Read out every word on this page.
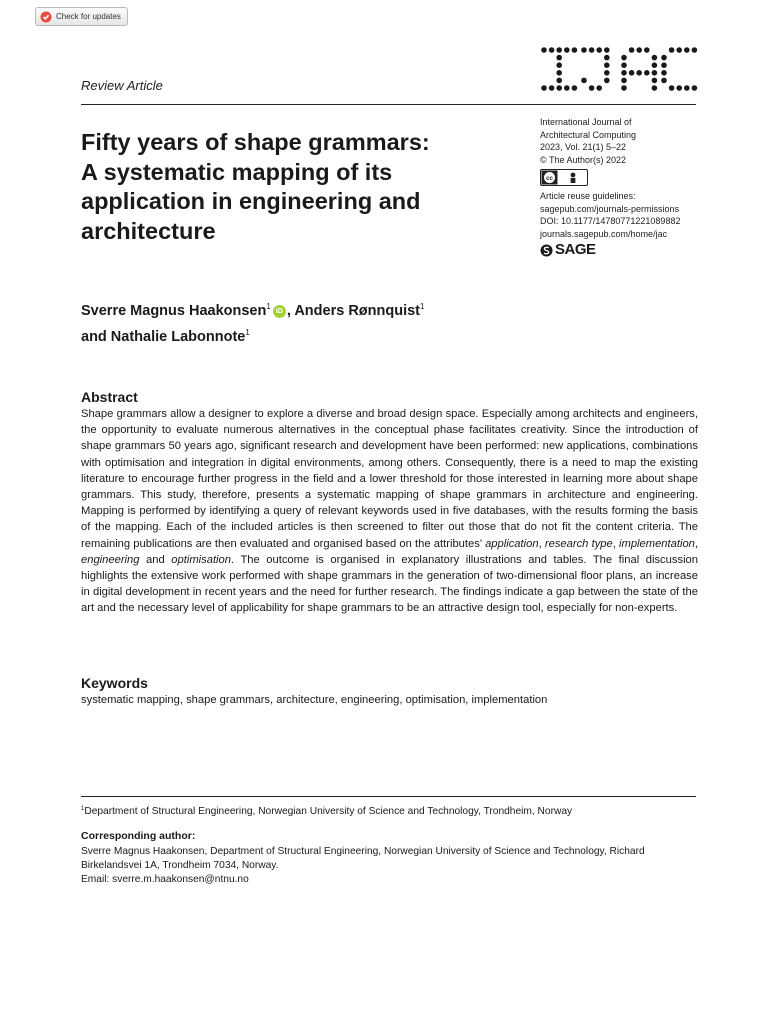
Check for updates
Review Article
Fifty years of shape grammars:
A systematic mapping of its
application in engineering and
architecture
International Journal of
Architectural Computing
2023, Vol. 21(1) 5–22
© The Author(s) 2022
cc
Article reuse guidelines:
sagepub.com/journals-permissions
DOI: 10.1177/14780771221089882
journals.sagepub.com/home/jac
SAGE
Sverre Magnus Haakonsen$^1$iD , Anders Rønnquist$^1$
and Nathalie Labonnote$^1$
Abstract

Shape grammars allow a designer to explore a diverse and broad design space. Especially among architects and engineers, the opportunity to evaluate numerous alternatives in the conceptual phase facilitates creativity. Since the introduction of shape grammars 50 years ago, significant research and development have been performed: new applications, combinations with optimisation and integration in digital environments, among others. Consequently, there is a need to map the existing literature to encourage further progress in the field and a lower threshold for those interested in learning more about shape grammars. This study, therefore, presents a systematic mapping of shape grammars in architecture and engineering. Mapping is performed by identifying a query of relevant keywords used in five databases, with the results forming the basis of the mapping. Each of the included articles is then screened to filter out those that do not fit the content criteria. The remaining publications are then evaluated and organised based on the attributes’ application, research type, implementation, engineering and optimisation. The outcome is organised in explanatory illustrations and tables. The final discussion highlights the extensive work performed with shape grammars in the generation of two-dimensional floor plans, an increase in digital development in recent years and the need for further research. The findings indicate a gap between the state of the art and the necessary level of applicability for shape grammars to be an attractive design tool, especially for non-experts.

Keywords
systematic mapping, shape grammars, architecture, engineering, optimisation, implementation
$^1$Department of Structural Engineering, Norwegian University of Science and Technology, Trondheim, Norway
Corresponding author:
Sverre Magnus Haakonsen, Department of Structural Engineering, Norwegian University of Science and Technology, Richard
Birkelandsvei 1A, Trondheim 7034, Norway.
Email: sverre.m.haakonsen@ntnu.no
